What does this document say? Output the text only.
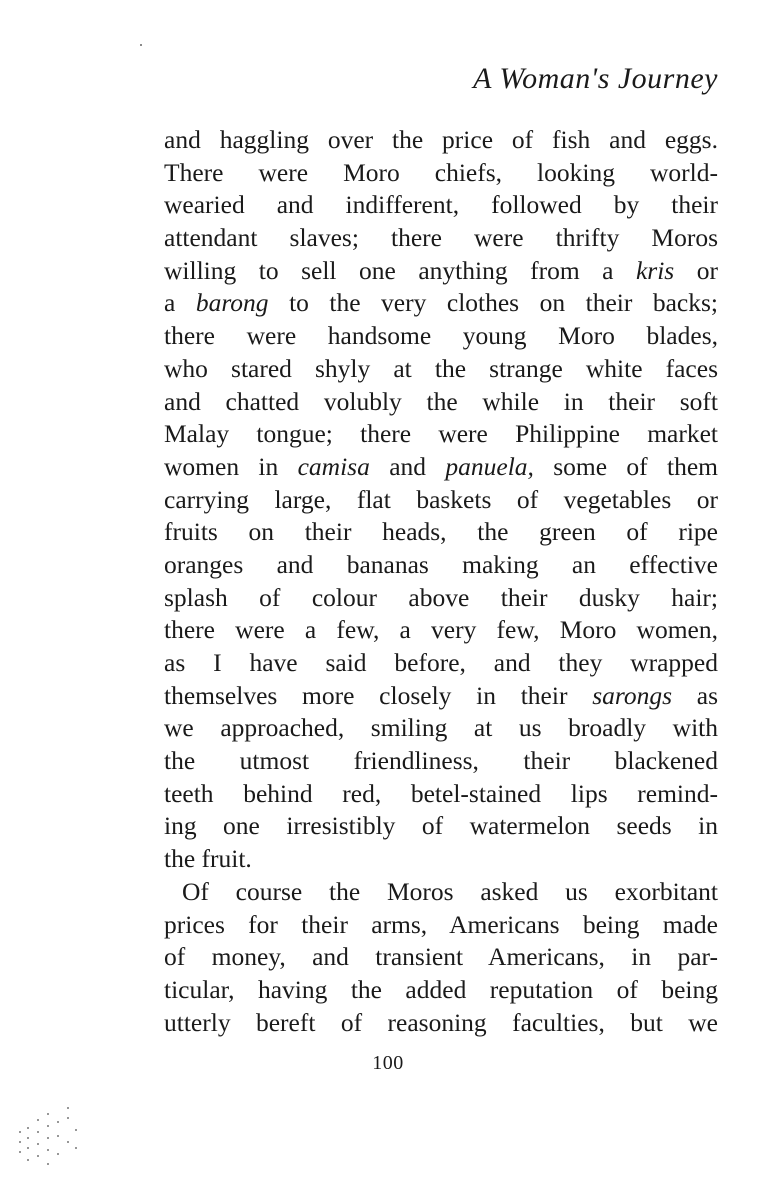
A Woman's Journey
and haggling over the price of fish and eggs.
There were Moro chiefs, looking world-
wearied and indifferent, followed by their
attendant slaves; there were thrifty Moros
willing to sell one anything from a kris or
a barong to the very clothes on their backs;
there were handsome young Moro blades,
who stared shyly at the strange white faces
and chatted volubly the while in their soft
Malay tongue; there were Philippine market
women in camisa and panuela, some of them
carrying large, flat baskets of vegetables or
fruits on their heads, the green of ripe
oranges and bananas making an effective
splash of colour above their dusky hair;
there were a few, a very few, Moro women,
as I have said before, and they wrapped
themselves more closely in their sarongs as
we approached, smiling at us broadly with
the utmost friendliness, their blackened
teeth behind red, betel-stained lips remind-
ing one irresistibly of watermelon seeds in
the fruit.
Of course the Moros asked us exorbitant
prices for their arms, Americans being made
of money, and transient Americans, in par-
ticular, having the added reputation of being
utterly bereft of reasoning faculties, but we
100
